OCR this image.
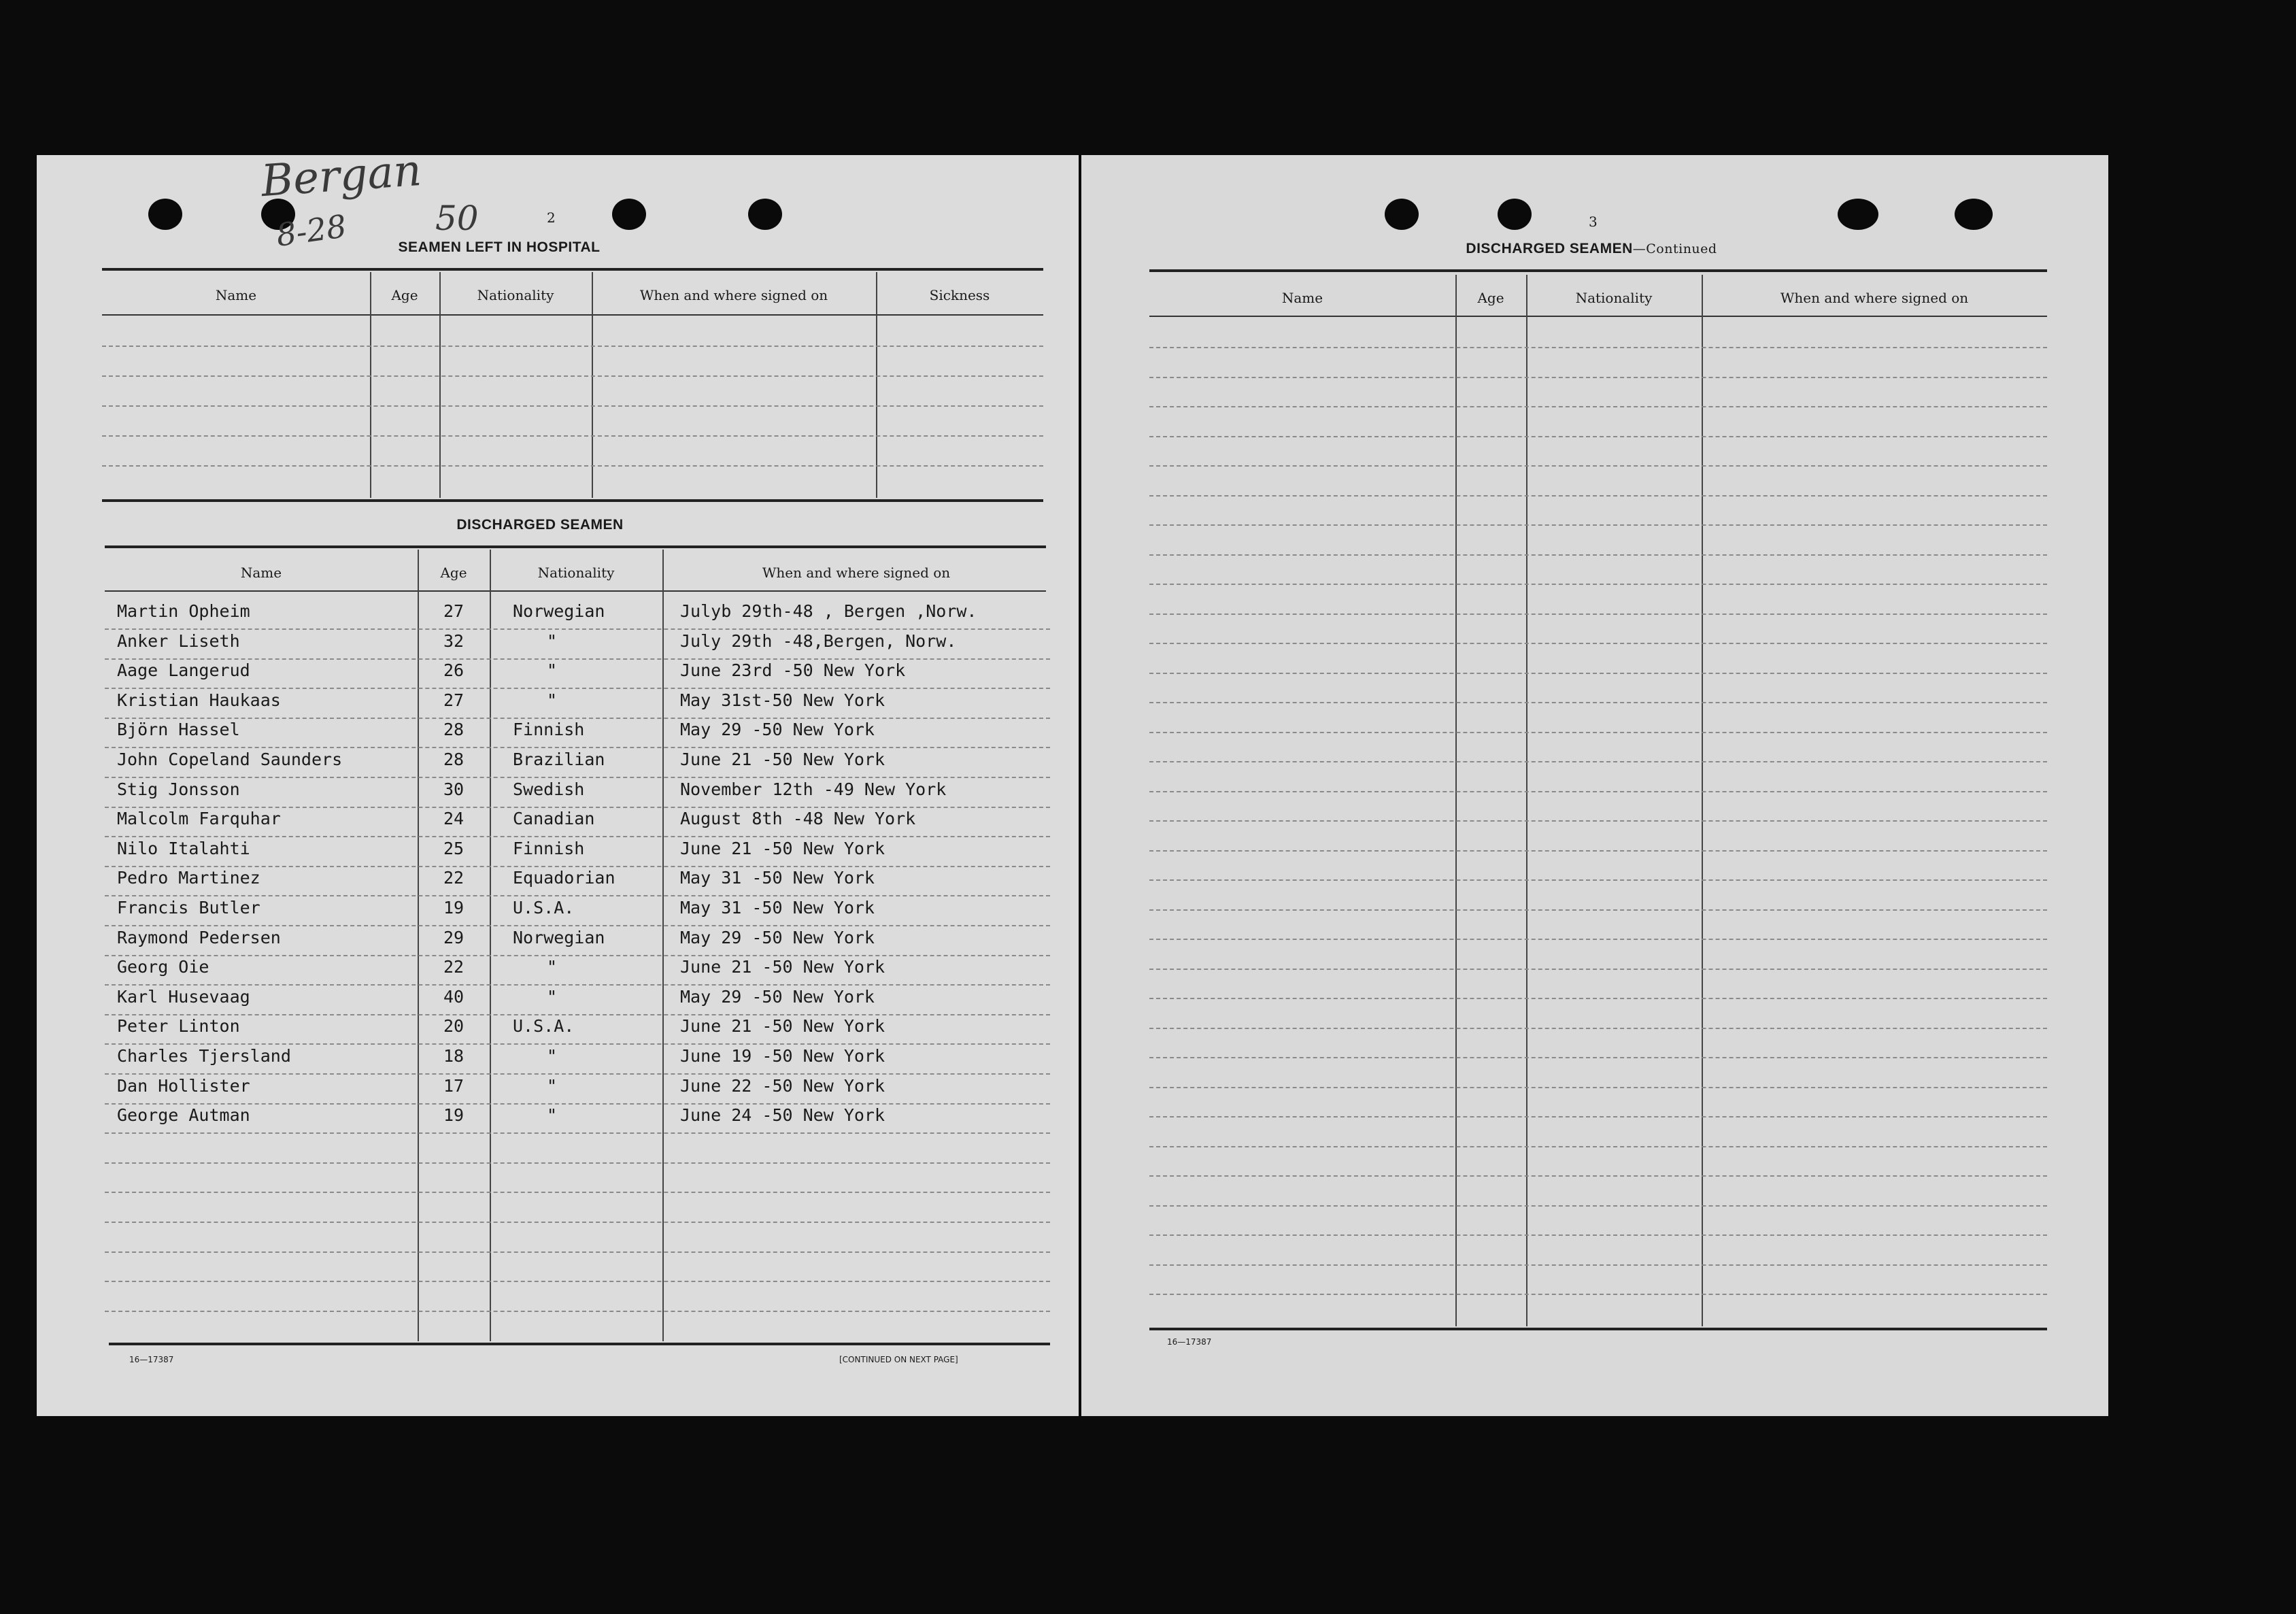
Bergan
8-28	50	2
SEAMEN LEFT IN HOSPITAL
Name	Age	Nationality	When and where signed on	Sickness
DISCHARGED SEAMEN
Name	Age	Nationality	When and where signed on
Martin Opheim	27	Norwegian	Julyb 29th-48 , Bergen ,Norw.
Anker Liseth	32	"	July 29th -48,Bergen, Norw.
Aage Langerud	26	"	June 23rd -50 New York
Kristian Haukaas	27	"	May 31st-50 New York
Björn Hassel	28	Finnish	May 29 -50 New York
John Copeland Saunders	28	Brazilian	June 21 -50 New York
Stig Jonsson	30	Swedish	November 12th -49 New York
Malcolm Farquhar	24	Canadian	August 8th -48 New York
Nilo Italahti	25	Finnish	June 21 -50 New York
Pedro Martinez	22	Equadorian	May 31 -50 New York
Francis Butler	19	U.S.A.	May 31 -50 New York
Raymond Pedersen	29	Norwegian	May 29 -50 New York
Georg Oie	22	"	June 21 -50 New York
Karl Husevaag	40	"	May 29 -50 New York
Peter Linton	20	U.S.A.	June 21 -50 New York
Charles Tjersland	18	"	June 19 -50 New York
Dan Hollister	17	"	June 22 -50 New York
George Autman	19	"	June 24 -50 New York
16—17387	[CONTINUED ON NEXT PAGE]
3
DISCHARGED SEAMEN—Continued
Name	Age	Nationality	When and where signed on
16—17387
